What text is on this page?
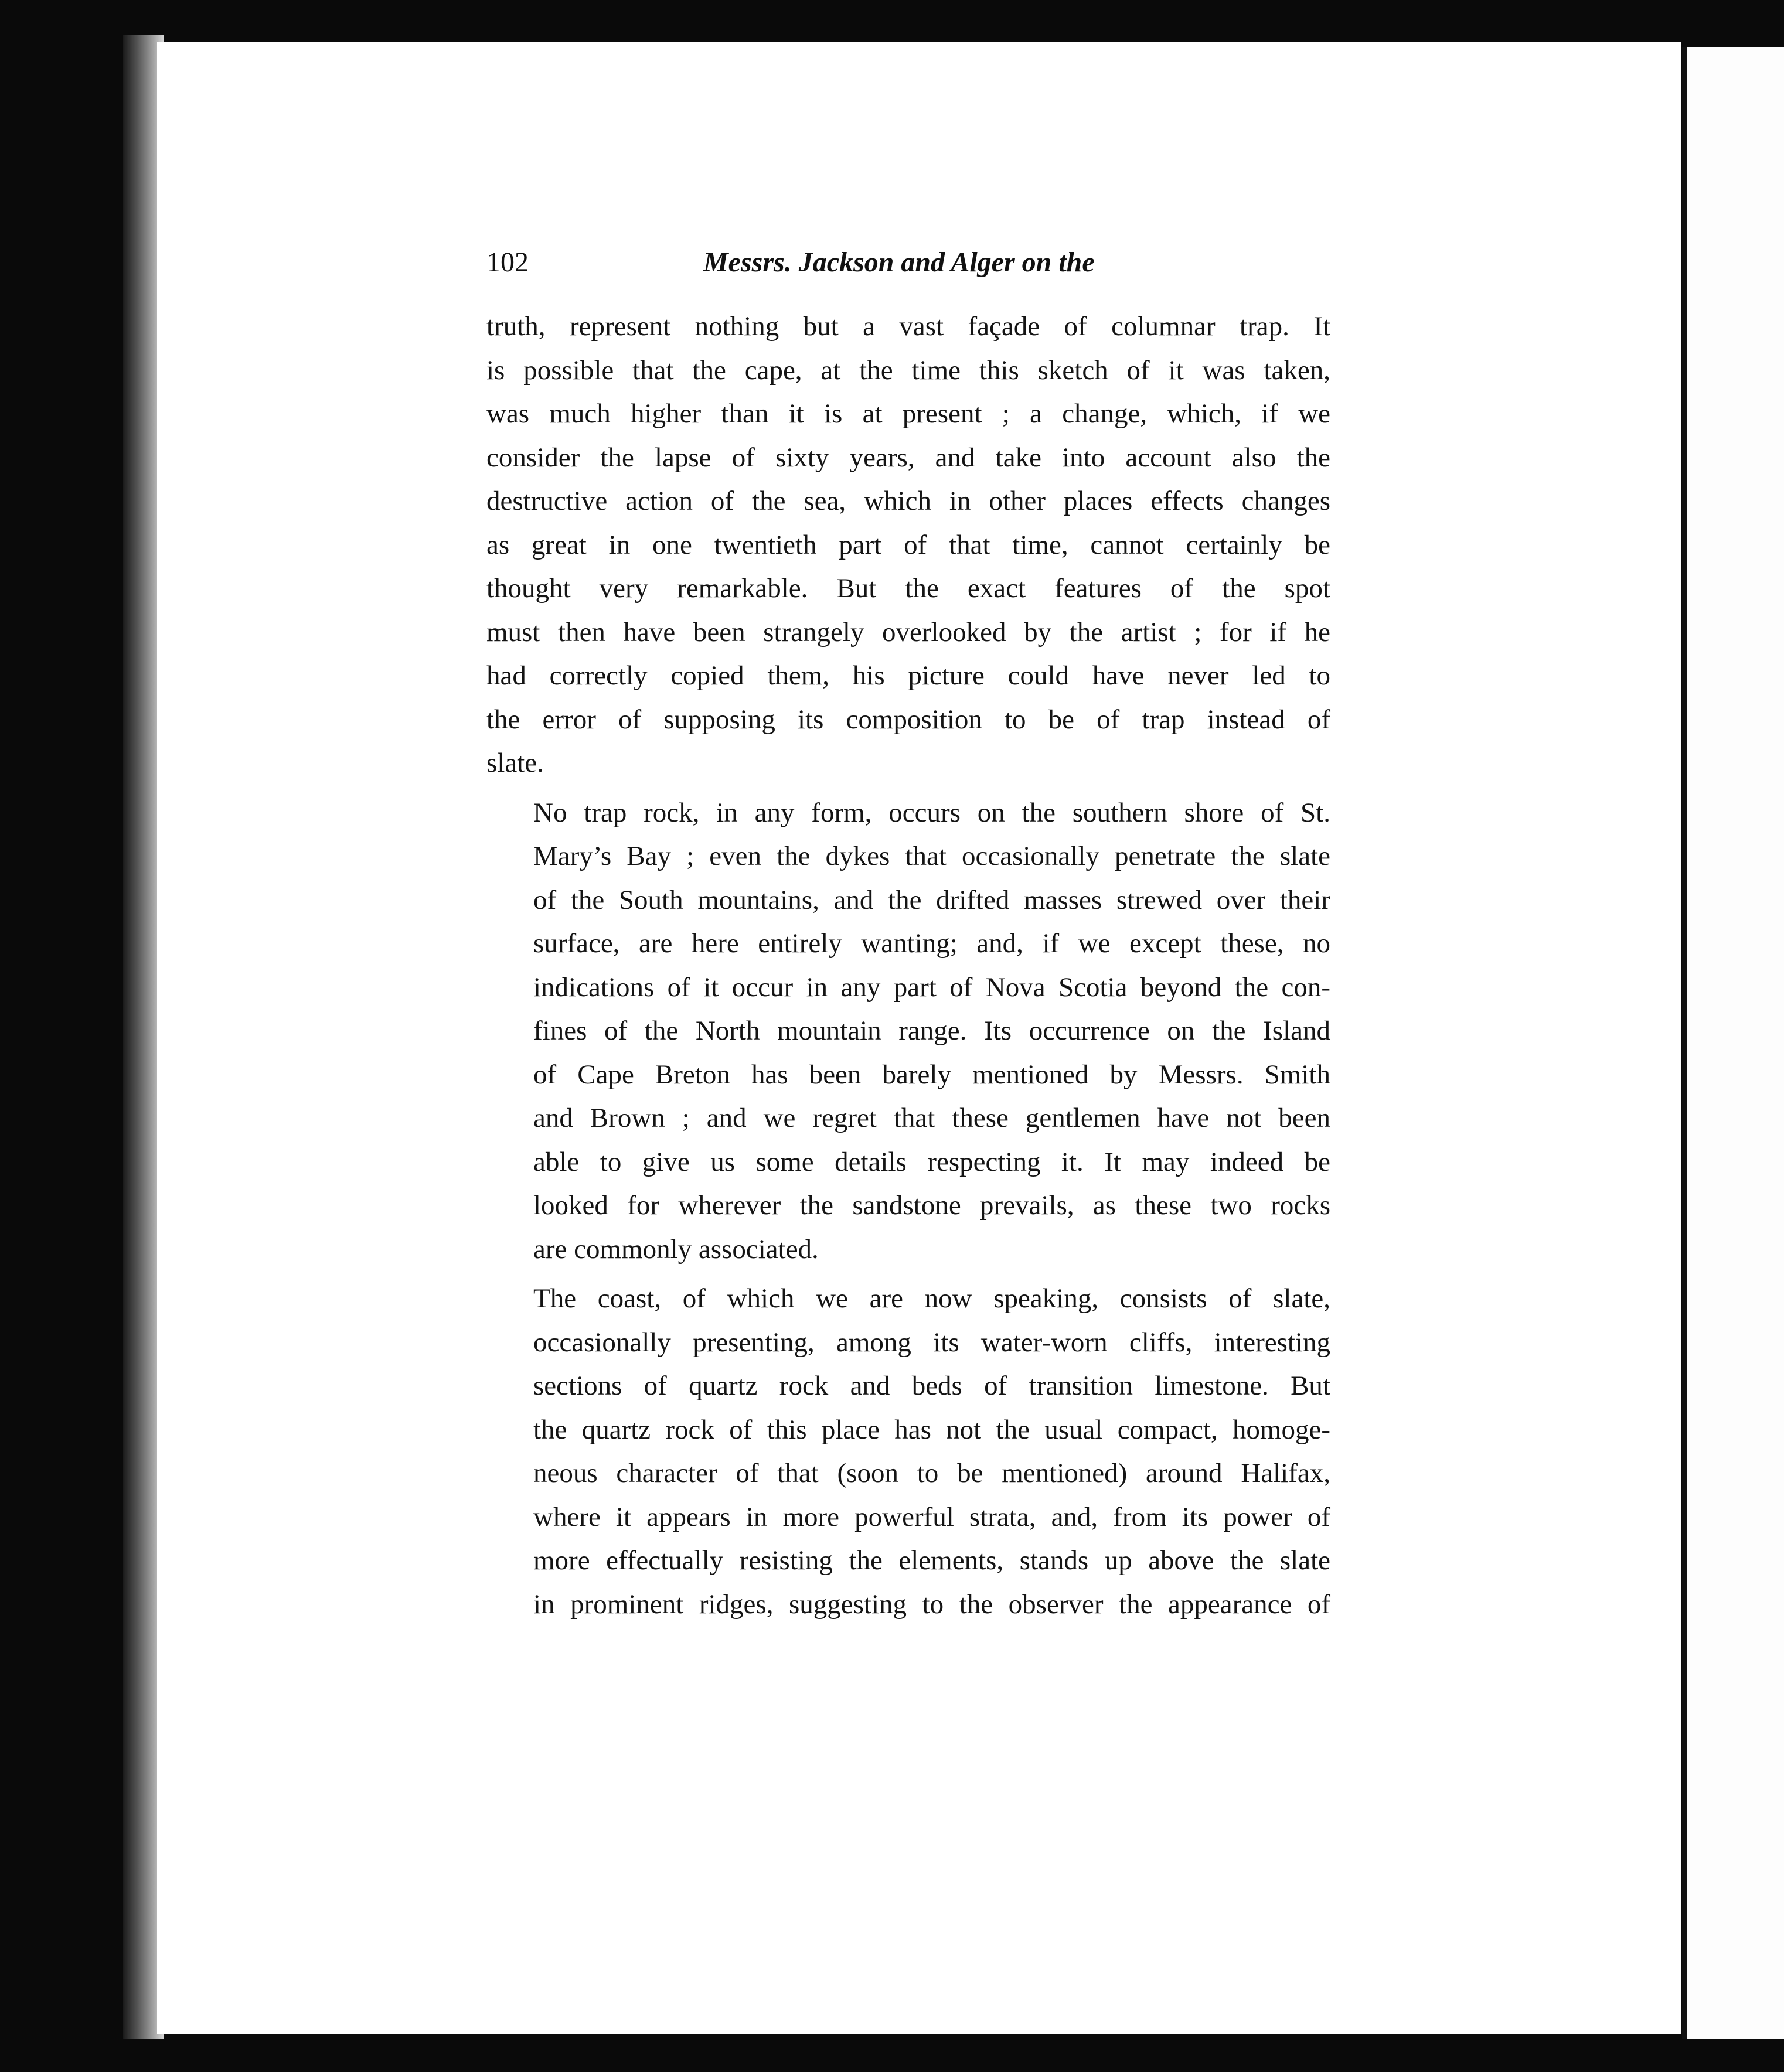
102	Messrs. Jackson and Alger on the

truth, represent nothing but a vast façade of columnar trap. It
is possible that the cape, at the time this sketch of it was taken,
was much higher than it is at present ; a change, which, if we
consider the lapse of sixty years, and take into account also the
destructive action of the sea, which in other places effects changes
as great in one twentieth part of that time, cannot certainly be
thought very remarkable. But the exact features of the spot
must then have been strangely overlooked by the artist ; for if he
had correctly copied them, his picture could have never led to
the error of supposing its composition to be of trap instead of
slate.

No trap rock, in any form, occurs on the southern shore of St.
Mary’s Bay ; even the dykes that occasionally penetrate the slate
of the South mountains, and the drifted masses strewed over their
surface, are here entirely wanting; and, if we except these, no
indications of it occur in any part of Nova Scotia beyond the con-
fines of the North mountain range. Its occurrence on the Island
of Cape Breton has been barely mentioned by Messrs. Smith
and Brown ; and we regret that these gentlemen have not been
able to give us some details respecting it. It may indeed be
looked for wherever the sandstone prevails, as these two rocks
are commonly associated.

The coast, of which we are now speaking, consists of slate,
occasionally presenting, among its water-worn cliffs, interesting
sections of quartz rock and beds of transition limestone. But
the quartz rock of this place has not the usual compact, homoge-
neous character of that (soon to be mentioned) around Halifax,
where it appears in more powerful strata, and, from its power of
more effectually resisting the elements, stands up above the slate
in prominent ridges, suggesting to the observer the appearance of
